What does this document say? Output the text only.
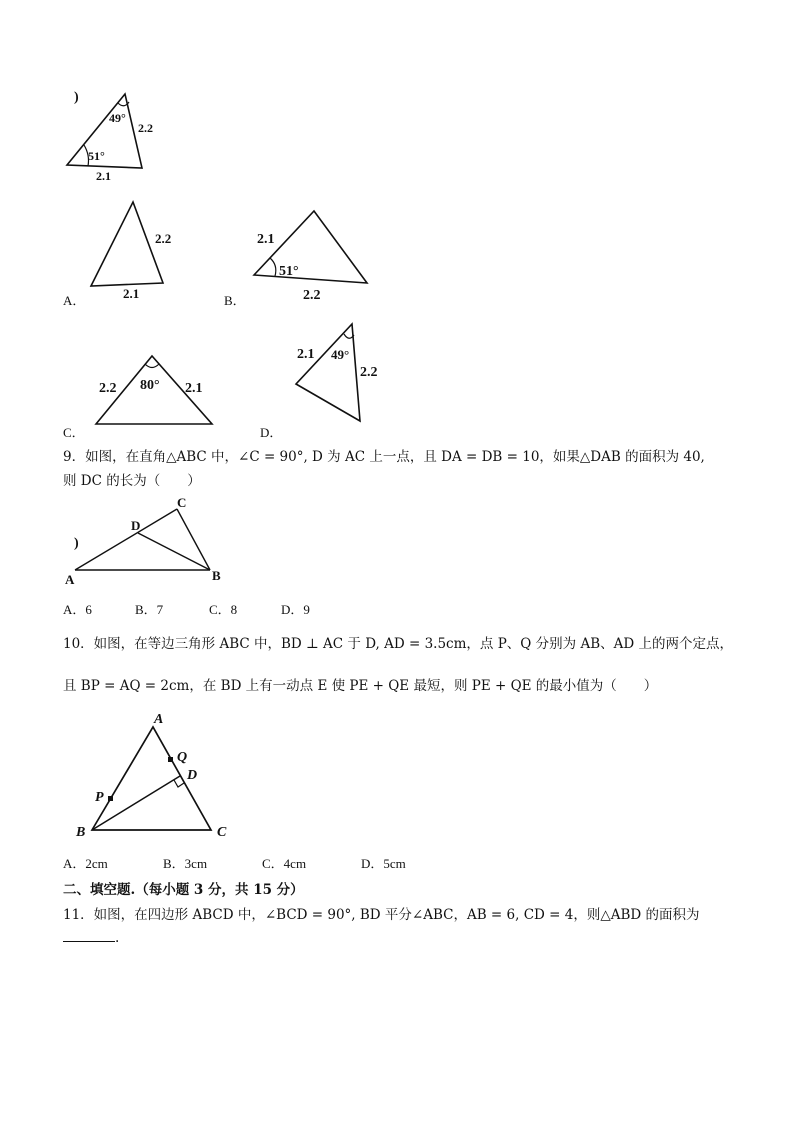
)
49°
51°
2.2
2.1
2.2
2.1
A．
2.1
51°
2.2
B．
2.2 80° 2.1
C．
2.1 49°
2.2
D．
9．如图，在直角△ABC 中，∠C = 90°, D 为 AC 上一点，且 DA = DB = 10，如果△DAB 的面积为 40,
则 DC 的长为（　　）
C
D
)
A	B
A．6	B．7	C．8	D．9
10．如图，在等边三角形 ABC 中，BD ⊥ AC 于 D, AD = 3.5cm，点 P、Q 分别为 AB、AD 上的两个定点，
且 BP = AQ = 2cm，在 BD 上有一动点 E 使 PE + QE 最短，则 PE + QE 的最小值为（　　）
A
Q
D
P
B	C
A．2cm	B．3cm	C．4cm	D．5cm
二、填空题.（每小题 3 分，共 15 分）
11．如图，在四边形 ABCD 中，∠BCD = 90°, BD 平分∠ABC，AB = 6, CD = 4，则△ABD 的面积为
.
